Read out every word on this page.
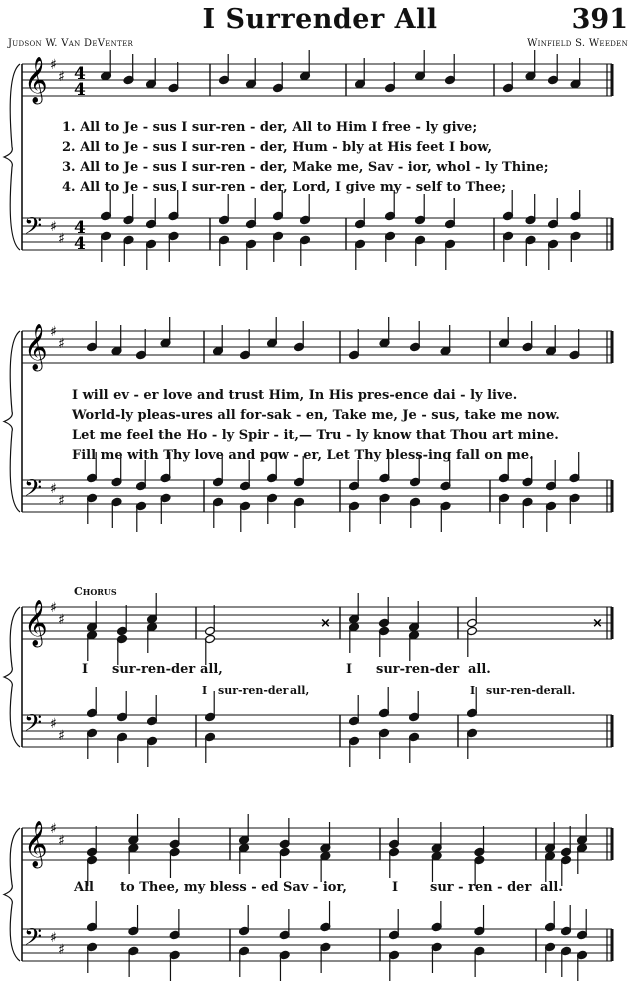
I Surrender All	391
Judson W. Van DeVenter	Winfield S. Weeden
𝄞
𝄢
♯
♯
♯
♯
4
4
4
4
𝄞
𝄢
♯
♯
♯
♯
𝄞
𝄢
♯
♯
♯
♯
×	×
𝄞
𝄢
♯
♯
♯
♯
1. All to Je - sus I sur-ren - der, All to Him I free - ly give;
2. All to Je - sus I sur-ren - der, Hum - bly at His feet I bow,
3. All to Je - sus I sur-ren - der, Make me, Sav - ior, whol - ly Thine;
4. All to Je - sus I sur-ren - der, Lord, I give my - self to Thee;
I will ev - er love and trust Him, In His pres-ence dai - ly live.
World-ly pleas-ures all for-sak - en, Take me, Je - sus, take me now.
Let me feel the Ho - ly Spir - it,— Tru - ly know that Thou art mine.
Fill me with Thy love and pow - er, Let Thy bless-ing fall on me.
Chorus
I sur-ren-der all,	I sur-ren-der all.
I sur-ren-der all,	I sur-ren-der all.
All to Thee, my bless - ed Sav - ior,	I sur - ren - der all.
